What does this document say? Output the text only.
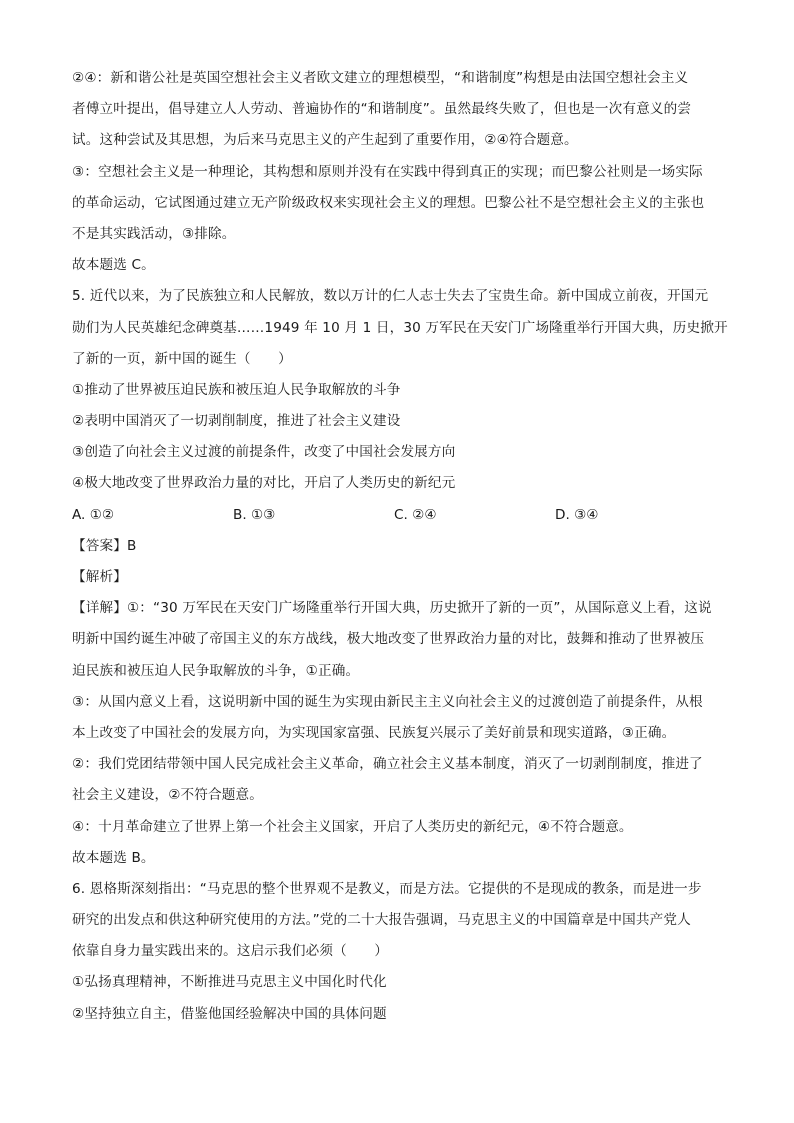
②④：新和谐公社是英国空想社会主义者欧文建立的理想模型，“和谐制度”构想是由法国空想社会主义
者傅立叶提出，倡导建立人人劳动、普遍协作的“和谐制度”。虽然最终失败了，但也是一次有意义的尝
试。这种尝试及其思想，为后来马克思主义的产生起到了重要作用，②④符合题意。
③：空想社会主义是一种理论，其构想和原则并没有在实践中得到真正的实现；而巴黎公社则是一场实际
的革命运动，它试图通过建立无产阶级政权来实现社会主义的理想。巴黎公社不是空想社会主义的主张也
不是其实践活动，③排除。
故本题选 C。
5. 近代以来，为了民族独立和人民解放，数以万计的仁人志士失去了宝贵生命。新中国成立前夜，开国元
勋们为人民英雄纪念碑奠基……1949 年 10 月 1 日，30 万军民在天安门广场隆重举行开国大典，历史掀开
了新的一页，新中国的诞生（　　）
①推动了世界被压迫民族和被压迫人民争取解放的斗争
②表明中国消灭了一切剥削制度，推进了社会主义建设
③创造了向社会主义过渡的前提条件，改变了中国社会发展方向
④极大地改变了世界政治力量的对比，开启了人类历史的新纪元
A. ①②	B. ①③	C. ②④	D. ③④
【答案】B
【解析】
【详解】①：“30 万军民在天安门广场隆重举行开国大典，历史掀开了新的一页”，从国际意义上看，这说
明新中国约诞生冲破了帝国主义的东方战线，极大地改变了世界政治力量的对比，鼓舞和推动了世界被压
迫民族和被压迫人民争取解放的斗争，①正确。
③：从国内意义上看，这说明新中国的诞生为实现由新民主主义向社会主义的过渡创造了前提条件，从根
本上改变了中国社会的发展方向，为实现国家富强、民族复兴展示了美好前景和现实道路，③正确。
②：我们党团结带领中国人民完成社会主义革命，确立社会主义基本制度，消灭了一切剥削制度，推进了
社会主义建设，②不符合题意。
④：十月革命建立了世界上第一个社会主义国家，开启了人类历史的新纪元，④不符合题意。
故本题选 B。
6. 恩格斯深刻指出：“马克思的整个世界观不是教义，而是方法。它提供的不是现成的教条，而是进一步
研究的出发点和供这种研究使用的方法。”党的二十大报告强调，马克思主义的中国篇章是中国共产党人
依靠自身力量实践出来的。这启示我们必须（　　）
①弘扬真理精神，不断推进马克思主义中国化时代化
②坚持独立自主，借鉴他国经验解决中国的具体问题
